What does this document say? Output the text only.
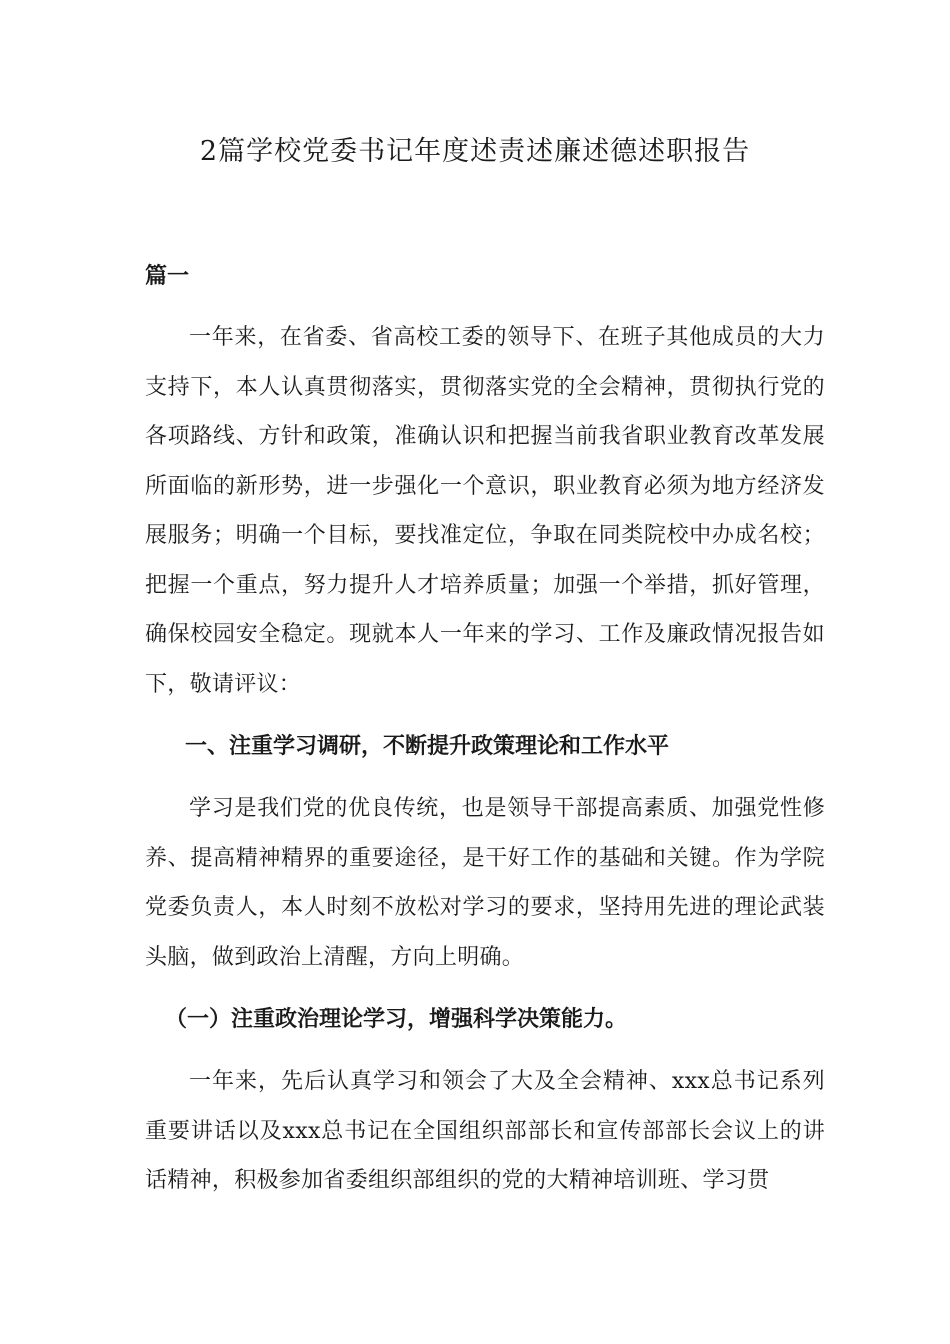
2篇学校党委书记年度述责述廉述德述职报告

篇一

一年来，在省委、省高校工委的领导下、在班子其他成员的大力支持下，本人认真贯彻落实，贯彻落实党的全会精神，贯彻执行党的各项路线、方针和政策，准确认识和把握当前我省职业教育改革发展所面临的新形势，进一步强化一个意识，职业教育必须为地方经济发展服务；明确一个目标，要找准定位，争取在同类院校中办成名校；把握一个重点，努力提升人才培养质量；加强一个举措，抓好管理，确保校园安全稳定。现就本人一年来的学习、工作及廉政情况报告如下，敬请评议：

一、注重学习调研，不断提升政策理论和工作水平

学习是我们党的优良传统，也是领导干部提高素质、加强党性修养、提高精神精界的重要途径，是干好工作的基础和关键。作为学院党委负责人，本人时刻不放松对学习的要求，坚持用先进的理论武装头脑，做到政治上清醒，方向上明确。

（一）注重政治理论学习，增强科学决策能力。

一年来，先后认真学习和领会了大及全会精神、xxx总书记系列重要讲话以及xxx总书记在全国组织部部长和宣传部部长会议上的讲话精神，积极参加省委组织部组织的党的大精神培训班、学习贯
